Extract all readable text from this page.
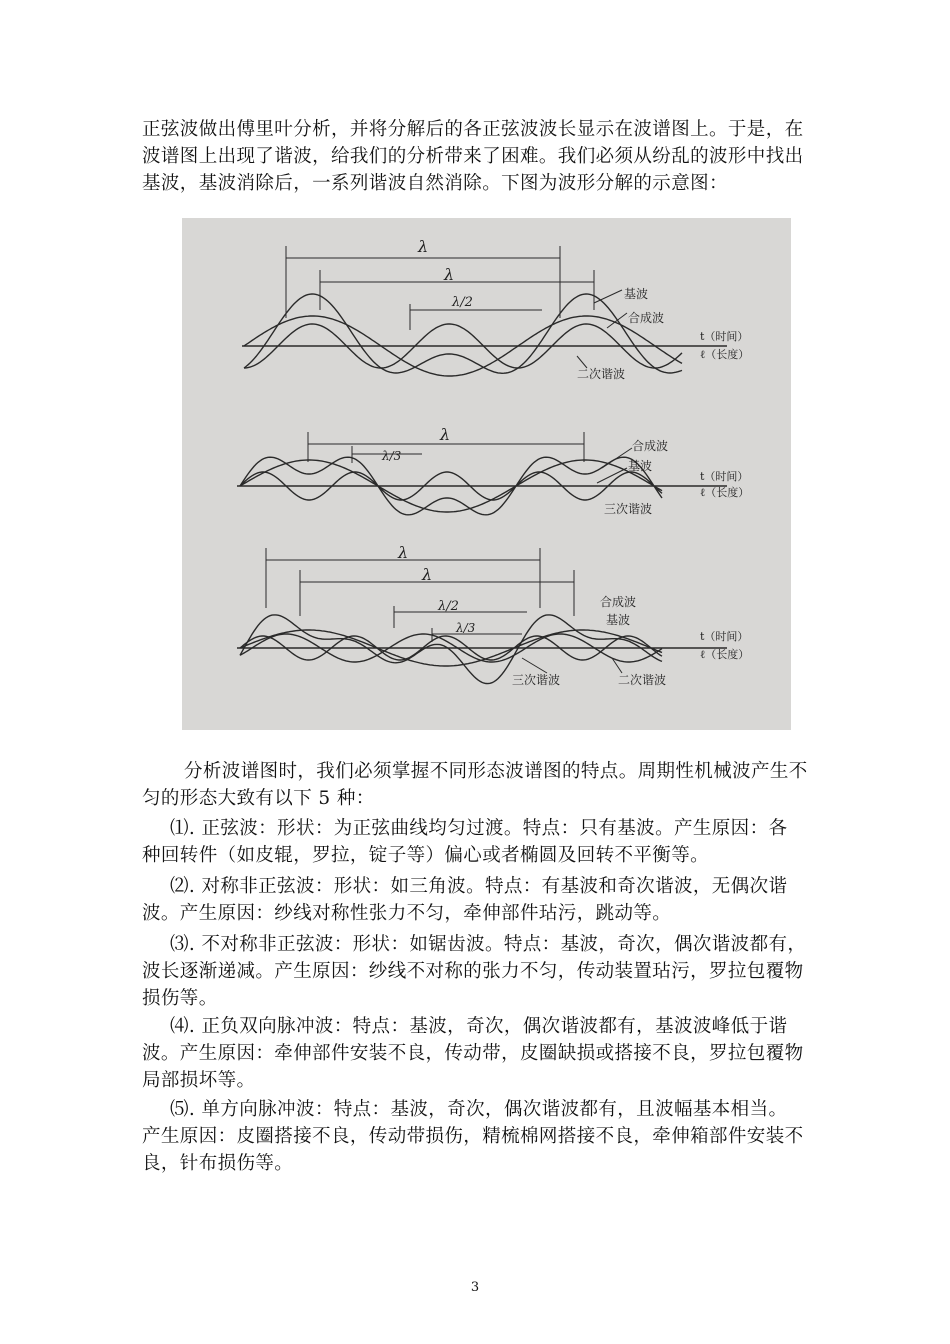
正弦波做出傅里叶分析，并将分解后的各正弦波波长显示在波谱图上。于是，在
波谱图上出现了谐波，给我们的分析带来了困难。我们必须从纷乱的波形中找出
基波，基波消除后，一系列谐波自然消除。下图为波形分解的示意图：
λ
λ
λ/2
基波
合成波
t（时间）
ℓ（长度）
二次谐波
λ
λ/3
合成波
基波
t（时间）
ℓ（长度）
三次谐波
λ
λ
λ/2
λ/3
合成波
基波
t（时间）
ℓ（长度）
三次谐波	二次谐波
分析波谱图时，我们必须掌握不同形态波谱图的特点。周期性机械波产生不
匀的形态大致有以下 5 种：
⑴. 正弦波：形状：为正弦曲线均匀过渡。特点：只有基波。产生原因：各
种回转件（如皮辊，罗拉，锭子等）偏心或者椭圆及回转不平衡等。
⑵. 对称非正弦波：形状：如三角波。特点：有基波和奇次谐波，无偶次谐
波。产生原因：纱线对称性张力不匀，牵伸部件玷污，跳动等。
⑶. 不对称非正弦波：形状：如锯齿波。特点：基波，奇次，偶次谐波都有，
波长逐渐递减。产生原因：纱线不对称的张力不匀，传动装置玷污，罗拉包覆物
损伤等。
⑷. 正负双向脉冲波：特点：基波，奇次，偶次谐波都有，基波波峰低于谐
波。产生原因：牵伸部件安装不良，传动带，皮圈缺损或搭接不良，罗拉包覆物
局部损坏等。
⑸. 单方向脉冲波：特点：基波，奇次，偶次谐波都有，且波幅基本相当。
产生原因：皮圈搭接不良，传动带损伤，精梳棉网搭接不良，牵伸箱部件安装不
良，针布损伤等。
3
